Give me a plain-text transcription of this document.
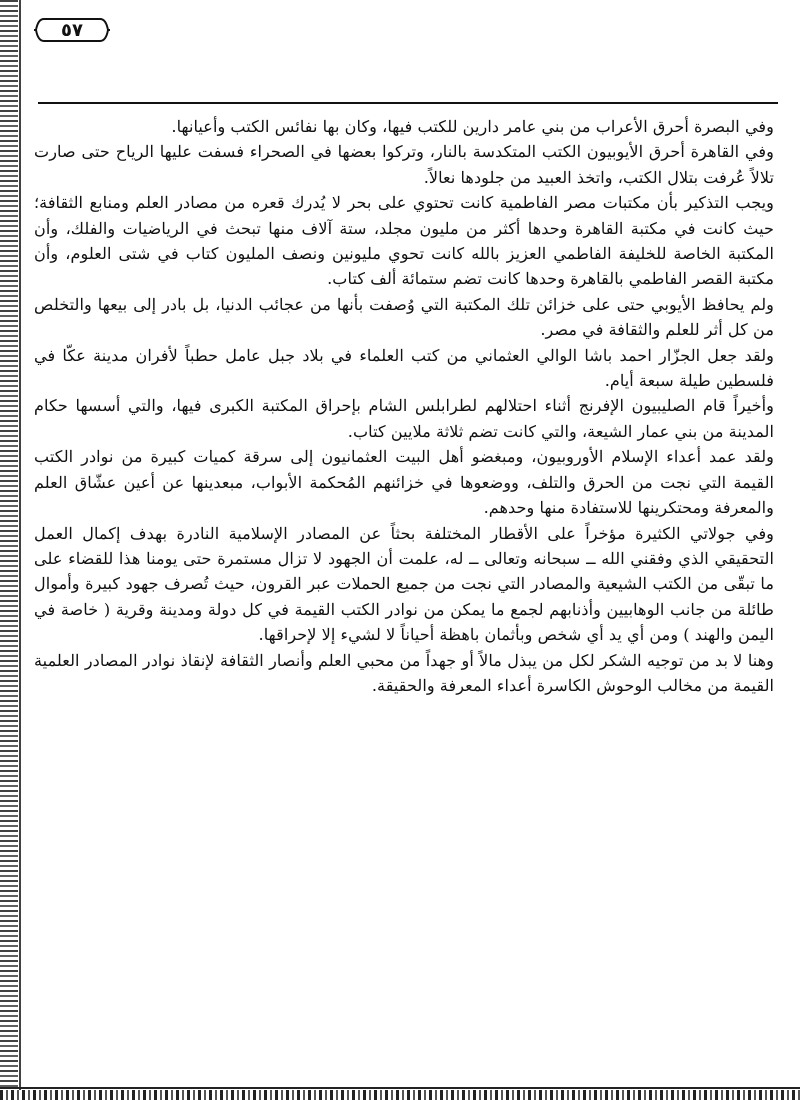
٥٧

وفي البصرة أحرق الأعراب من بني عامر دارين للكتب فيها، وكان بها نفائس الكتب وأعيانها.

وفي القاهرة أحرق الأيوبيون الكتب المتكدسة بالنار، وتركوا بعضها في الصحراء فسفت عليها الرياح حتى صارت تلالاً عُرفت بتلال الكتب، واتخذ العبيد من جلودها نعالاً.

ويجب التذكير بأن مكتبات مصر الفاطمية كانت تحتوي على بحر لا يُدرك قعره من مصادر العلم ومنابع الثقافة؛ حيث كانت في مكتبة القاهرة وحدها أكثر من مليون مجلد، ستة آلاف منها تبحث في الرياضيات والفلك، وأن المكتبة الخاصة للخليفة الفاطمي العزيز بالله كانت تحوي مليونين ونصف المليون كتاب في شتى العلوم، وأن مكتبة القصر الفاطمي بالقاهرة وحدها كانت تضم ستمائة ألف كتاب.

ولم يحافظ الأيوبي حتى على خزائن تلك المكتبة التي وُصفت بأنها من عجائب الدنيا، بل بادر إلى بيعها والتخلص من كل أثر للعلم والثقافة في مصر.

ولقد جعل الجزّار احمد باشا الوالي العثماني من كتب العلماء في بلاد جبل عامل حطباً لأفران مدينة عكّا في فلسطين طيلة سبعة أيام.

وأخيراً قام الصليبيون الإفرنج أثناء احتلالهم لطرابلس الشام بإحراق المكتبة الكبرى فيها، والتي أسسها حكام المدينة من بني عمار الشيعة، والتي كانت تضم ثلاثة ملايين كتاب.

ولقد عمد أعداء الإسلام الأوروبيون، ومبغضو أهل البيت العثمانيون إلى سرقة كميات كبيرة من نوادر الكتب القيمة التي نجت من الحرق والتلف، ووضعوها في خزائنهم المُحكمة الأبواب، مبعدينها عن أعين عشّاق العلم والمعرفة ومحتكرينها للاستفادة منها وحدهم.

وفي جولاتي الكثيرة مؤخراً على الأقطار المختلفة بحثاً عن المصادر الإسلامية النادرة بهدف إكمال العمل التحقيقي الذي وفقني الله ــ سبحانه وتعالى ــ له، علمت أن الجهود لا تزال مستمرة حتى يومنا هذا للقضاء على ما تبقّى من الكتب الشيعية والمصادر التي نجت من جميع الحملات عبر القرون، حيث تُصرف جهود كبيرة وأموال طائلة من جانب الوهابيين وأذنابهم لجمع ما يمكن من نوادر الكتب القيمة في كل دولة ومدينة وقرية ( خاصة في اليمن والهند ) ومن أي يد أي شخص وبأثمان باهظة أحياناً لا لشيء إلا لإحراقها.

وهنا لا بد من توجيه الشكر لكل من يبذل مالاً أو جهداً من محبي العلم وأنصار الثقافة لإنقاذ نوادر المصادر العلمية القيمة من مخالب الوحوش الكاسرة أعداء المعرفة والحقيقة.
